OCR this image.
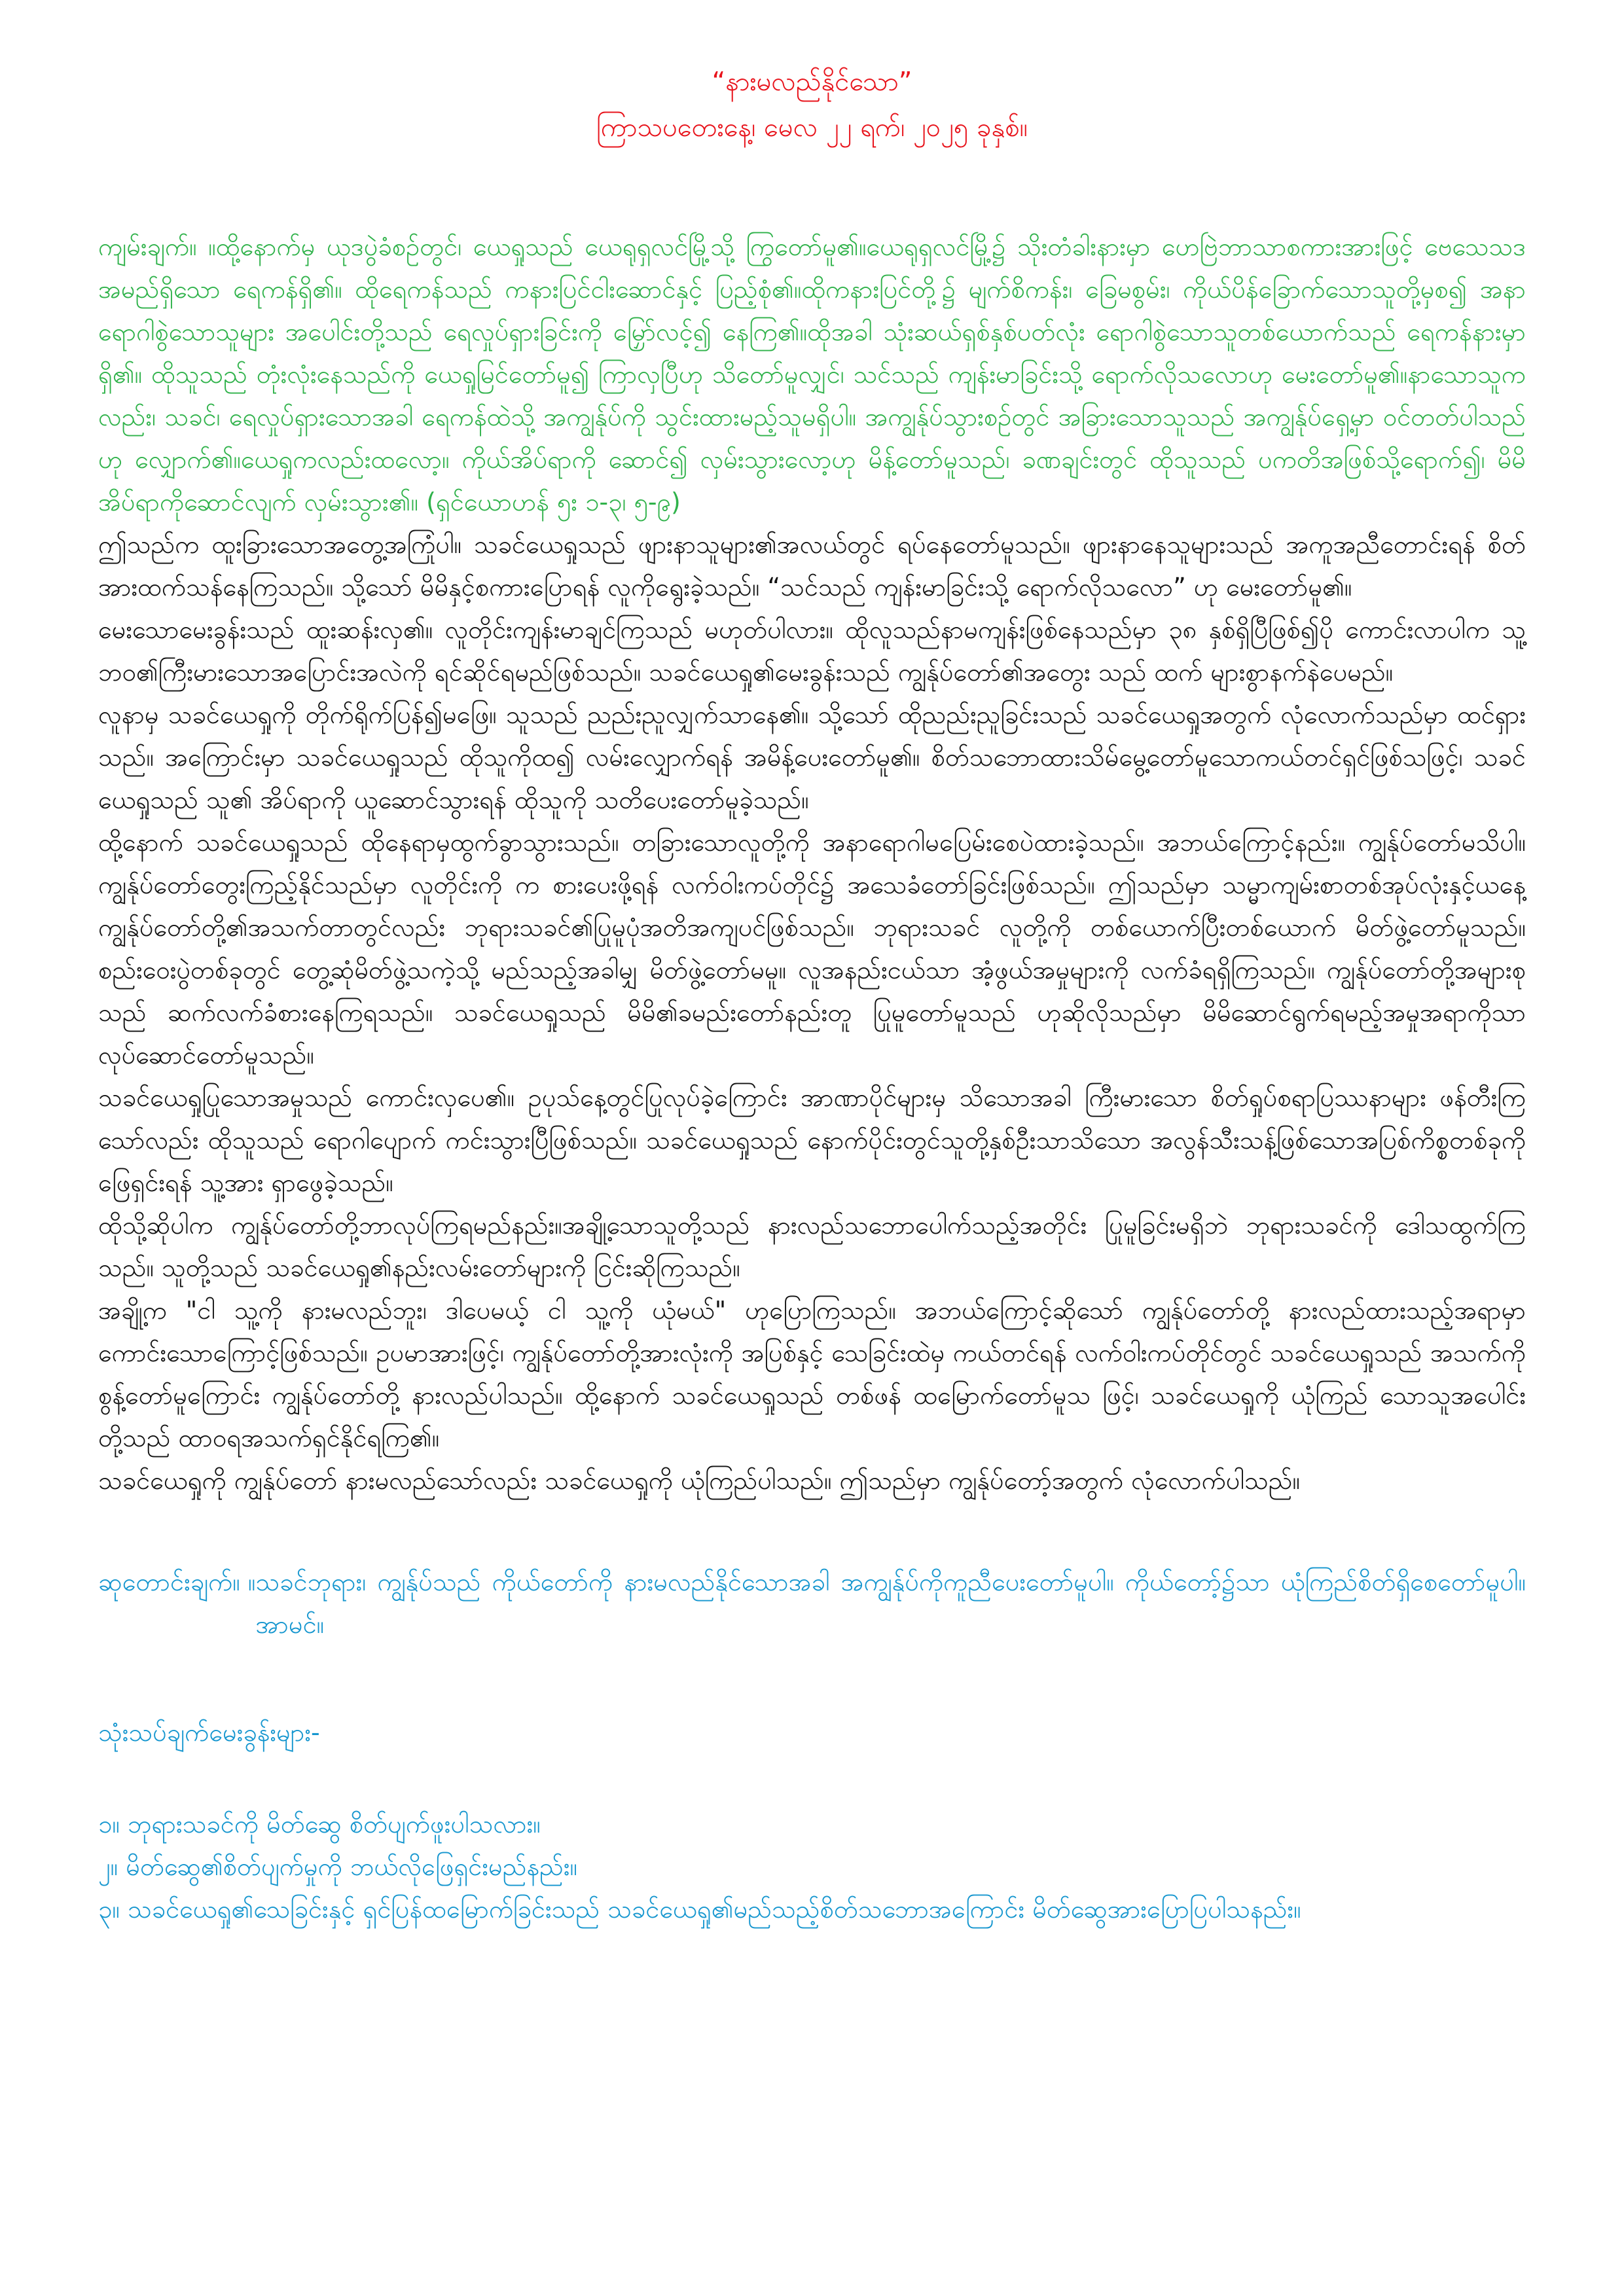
“နားမလည်နိုင်သော”
ကြာသပတေးနေ့၊ မေလ ၂၂ ရက်၊ ၂၀၂၅ ခုနှစ်။

ကျမ်းချက်။ ။ထို့နောက်မှ ယုဒပွဲခံစဉ်တွင်၊ ယေရှုသည် ယေရုရှလင်မြို့သို့ ကြွတော်မူ၏။ယေရုရှလင်မြို့၌ သိုးတံခါးနားမှာ ဟေဗြဲဘာသာစကားအားဖြင့် ဗေသေသဒအမည်ရှိသော ရေကန်ရှိ၏။ ထိုရေကန်သည် ကနားပြင်ငါးဆောင်နှင့် ပြည့်စုံ၏။ထိုကနားပြင်တို့၌ မျက်စိကန်း၊ ခြေမစွမ်း၊ ကိုယ်ပိန်ခြောက်သောသူတို့မှစ၍ အနာရောဂါစွဲသောသူများ အပေါင်းတို့သည် ရေလှုပ်ရှားခြင်းကို မြှော်လင့်၍ နေကြ၏။ထိုအခါ သုံးဆယ်ရှစ်နှစ်ပတ်လုံး ရောဂါစွဲသောသူတစ်ယောက်သည် ရေကန်နားမှာရှိ၏။ ထိုသူသည် တုံးလုံးနေသည်ကို ယေရှုမြင်တော်မူ၍ ကြာလှပြီဟု သိတော်မူလျှင်၊ သင်သည် ကျန်းမာခြင်းသို့ ရောက်လိုသလောဟု မေးတော်မူ၏။နာသောသူကလည်း၊ သခင်၊ ရေလှုပ်ရှားသောအခါ ရေကန်ထဲသို့ အကျွန်ုပ်ကို သွင်းထားမည့်သူမရှိပါ။ အကျွန်ုပ်သွားစဉ်တွင် အခြားသောသူသည် အကျွန်ုပ်ရှေ့မှာ ဝင်တတ်ပါသည်ဟု လျှောက်၏။ယေရှုကလည်းထလော့။ ကိုယ်အိပ်ရာကို ဆောင်၍ လှမ်းသွားလော့ဟု မိန့်တော်မူသည်၊ ခဏချင်းတွင် ထိုသူသည် ပကတိအဖြစ်သို့ရောက်၍၊ မိမိအိပ်ရာကိုဆောင်လျက် လှမ်းသွား၏။ (ရှင်ယောဟန် ၅း ၁-၃၊ ၅-၉)

ဤသည်က ထူးခြားသောအတွေ့အကြုံပါ။ သခင်ယေရှုသည် ဖျားနာသူများ၏အလယ်တွင် ရပ်နေတော်မူသည်။ ဖျားနာနေသူများသည် အကူအညီတောင်းရန် စိတ်အားထက်သန်နေကြသည်။ သို့သော် မိမိနှင့်စကားပြောရန် လူကိုရွေးခဲ့သည်။ “သင်သည် ကျန်းမာခြင်းသို့ ရောက်လိုသလော” ဟု မေးတော်မူ၏။

မေးသောမေးခွန်းသည် ထူးဆန်းလှ၏။ လူတိုင်းကျန်းမာချင်ကြသည် မဟုတ်ပါလား။ ထိုလူသည်နာမကျန်းဖြစ်နေသည်မှာ ၃၈ နှစ်ရှိပြီဖြစ်၍ပို ကောင်းလာပါက သူ့ဘဝ၏ကြီးမားသောအပြောင်းအလဲကို ရင်ဆိုင်ရမည်ဖြစ်သည်။ သခင်ယေရှု၏မေးခွန်းသည် ကျွန်ုပ်တော်၏အတွေး သည် ထက် များစွာနက်နဲပေမည်။

လူနာမှ သခင်ယေရှုကို တိုက်ရိုက်ပြန်၍မဖြေ။ သူသည် ညည်းညူလျှက်သာနေ၏။ သို့သော် ထိုညည်းညူခြင်းသည် သခင်ယေရှုအတွက် လုံလောက်သည်မှာ ထင်ရှားသည်။ အကြောင်းမှာ သခင်ယေရှုသည် ထိုသူကိုထ၍ လမ်းလျှောက်ရန် အမိန့်ပေးတော်မူ၏။ စိတ်သဘောထားသိမ်မွေ့တော်မူသောကယ်တင်ရှင်ဖြစ်သဖြင့်၊ သခင်ယေရှုသည် သူ၏ အိပ်ရာကို ယူဆောင်သွားရန် ထိုသူကို သတိပေးတော်မူခဲ့သည်။

ထို့နောက် သခင်ယေရှုသည် ထိုနေရာမှထွက်ခွာသွားသည်။ တခြားသောလူတို့ကို အနာရောဂါမပြေမ်းစေပဲထားခဲ့သည်။ အဘယ်ကြောင့်နည်း။ ကျွန်ုပ်တော်မသိပါ။ ကျွန်ုပ်တော်တွေးကြည့်နိုင်သည်မှာ လူတိုင်းကို က စားပေးဖို့ရန် လက်ဝါးကပ်တိုင်၌ အသေခံတော်ခြင်းဖြစ်သည်။ ဤသည်မှာ သမ္မာကျမ်းစာတစ်အုပ်လုံးနှင့်ယနေ့ကျွန်ုပ်တော်တို့၏အသက်တာတွင်လည်း ဘုရားသခင်၏ပြုမူပုံအတိအကျပင်ဖြစ်သည်။ ဘုရားသခင် လူတို့ကို တစ်ယောက်ပြီးတစ်ယောက် မိတ်ဖွဲ့တော်မူသည်။ စည်းဝေးပွဲတစ်ခုတွင် တွေ့ဆုံမိတ်ဖွဲ့သကဲ့သို့ မည်သည့်အခါမျှ မိတ်ဖွဲ့တော်မမူ။ လူအနည်းငယ်သာ အံ့ဖွယ်အမှုများကို လက်ခံရရှိကြသည်။ ကျွန်ုပ်တော်တို့အများစုသည် ဆက်လက်ခံစားနေကြရသည်။ သခင်ယေရှုသည် မိမိ၏ခမည်းတော်နည်းတူ ပြုမူတော်မူသည် ဟုဆိုလိုသည်မှာ မိမိဆောင်ရွက်ရမည့်အမှုအရာကိုသာ လုပ်ဆောင်တော်မူသည်။

သခင်ယေရှုပြုသောအမှုသည် ကောင်းလှပေ၏။ ဥပုသ်နေ့တွင်ပြုလုပ်ခဲ့ကြောင်း အာဏာပိုင်များမှ သိသောအခါ ကြီးမားသော စိတ်ရှုပ်စရာပြဿနာများ ဖန်တီးကြသော်လည်း ထိုသူသည် ရောဂါပျောက် ကင်းသွားပြီဖြစ်သည်။ သခင်ယေရှုသည် နောက်ပိုင်းတွင်သူတို့နှစ်ဦးသာသိသော အလွန်သီးသန့်ဖြစ်သောအပြစ်ကိစ္စတစ်ခုကို ဖြေရှင်းရန် သူ့အား ရှာဖွေခဲ့သည်။

ထိုသို့ဆိုပါက ကျွန်ုပ်တော်တို့ဘာလုပ်ကြရမည်နည်း။အချို့သောသူတို့သည် နားလည်သဘောပေါက်သည့်အတိုင်း ပြုမူခြင်းမရှိဘဲ ဘုရားသခင်ကို ဒေါသထွက်ကြသည်။ သူတို့သည် သခင်ယေရှု၏နည်းလမ်းတော်များကို ငြင်းဆိုကြသည်။

အချို့က "ငါ သူ့ကို နားမလည်ဘူး၊ ဒါပေမယ့် ငါ သူ့ကို ယုံမယ်" ဟုပြောကြသည်။ အဘယ်ကြောင့်ဆိုသော် ကျွန်ုပ်တော်တို့ နားလည်ထားသည့်အရာမှာ ကောင်းသောကြောင့်ဖြစ်သည်။ ဥပမာအားဖြင့်၊ ကျွန်ုပ်တော်တို့အားလုံးကို အပြစ်နှင့် သေခြင်းထဲမှ ကယ်တင်ရန် လက်ဝါးကပ်တိုင်တွင် သခင်ယေရှုသည် အသက်ကို စွန့်တော်မူကြောင်း ကျွန်ုပ်တော်တို့ နားလည်ပါသည်။ ထို့နောက် သခင်ယေရှုသည် တစ်ဖန် ထမြောက်တော်မူသ ဖြင့်၊ သခင်ယေရှုကို ယုံကြည် သောသူအပေါင်းတို့သည် ထာဝရအသက်ရှင်နိုင်ရကြ၏။

သခင်ယေရှုကို ကျွန်ုပ်တော် နားမလည်သော်လည်း သခင်ယေရှုကို ယုံကြည်ပါသည်။ ဤသည်မှာ ကျွန်ုပ်တော့်အတွက် လုံလောက်ပါသည်။

ဆုတောင်းချက်။ ။ သခင်ဘုရား၊ ကျွန်ုပ်သည် ကိုယ်တော်ကို နားမလည်နိုင်သောအခါ အကျွန်ုပ်ကိုကူညီပေးတော်မူပါ။ ကိုယ်တော့်၌သာ ယုံကြည်စိတ်ရှိစေတော်မူပါ။ အာမင်။
သုံးသပ်ချက်မေးခွန်းများ-
၁။ ဘုရားသခင်ကို မိတ်ဆွေ စိတ်ပျက်ဖူးပါသလား။
၂။ မိတ်ဆွေ၏စိတ်ပျက်မှုကို ဘယ်လိုဖြေရှင်းမည်နည်း။
၃။ သခင်ယေရှု၏သေခြင်းနှင့် ရှင်ပြန်ထမြောက်ခြင်းသည် သခင်ယေရှု၏မည်သည့်စိတ်သဘောအကြောင်း မိတ်ဆွေအားပြောပြပါသနည်း။
